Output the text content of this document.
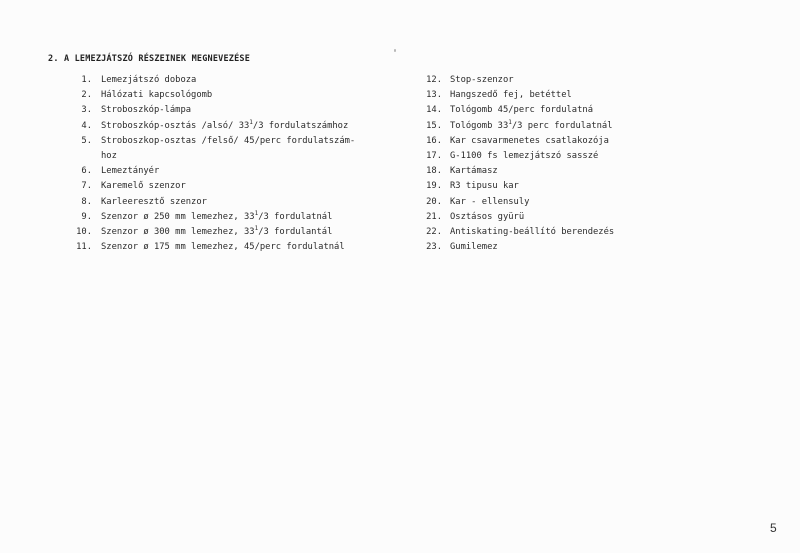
2. A LEMEZJÁTSZÓ RÉSZEINEK MEGNEVEZÉSE
1.	Lemezjátszó doboza
2.	Hálózati kapcsológomb
3.	Stroboszkóp-lámpa
4.	Stroboszkóp-osztás /alsó/ $33^1/3$ fordulatszámhoz
5.	Stroboszkop-osztas /felső/ 45/perc fordulatszám-
hoz
6.	Lemeztányér
7.	Karemelő szenzor
8.	Karleeresztő szenzor
9.	Szenzor ø 250 mm lemezhez, $33^1/3$ fordulatnál
10.	Szenzor ø 300 mm lemezhez, $33^1/3$ fordulantál
11.	Szenzor ø 175 mm lemezhez, 45/perc fordulatnál
12. Stop-szenzor
13. Hangszedő fej, betéttel
14. Tológomb 45/perc fordulatná
15. Tológomb $33^1/3$ perc fordulatnál
16. Kar csavarmenetes csatlakozója
17. G-1100 fs lemezjátszó sasszé
18. Kartámasz
19. R3 tipusu kar
20. Kar - ellensuly
21. Osztásos gyürü
22. Antiskating-beállító berendezés
23. Gumilemez
5
